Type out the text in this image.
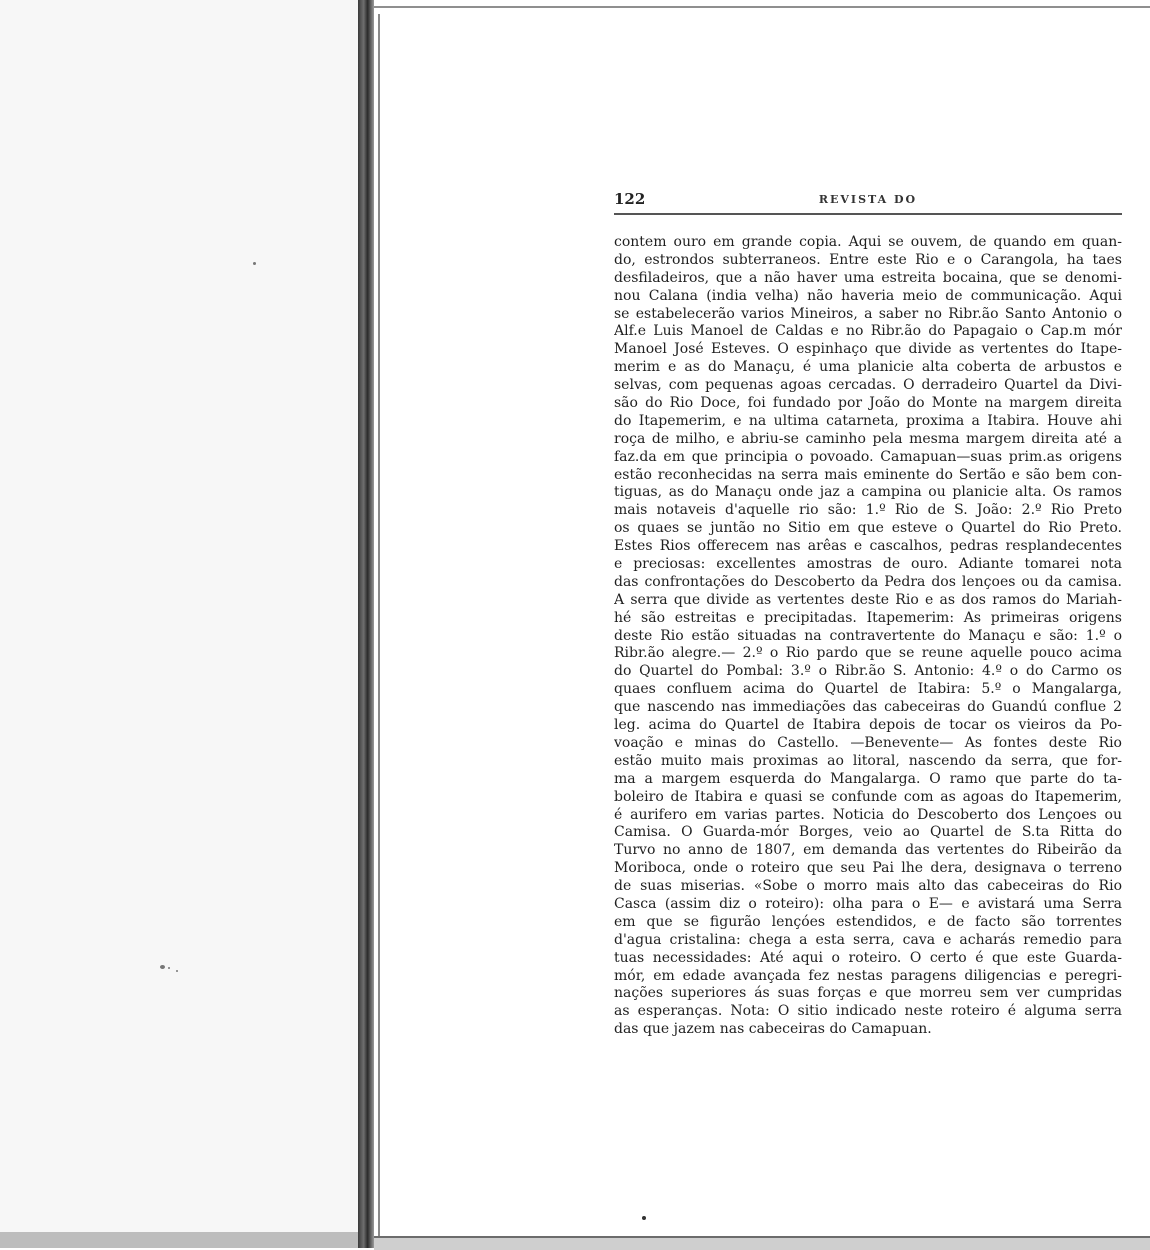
122	REVISTA DO
contem ouro em grande copia. Aqui se ouvem, de quando em quan-
do, estrondos subterraneos. Entre este Rio e o Carangola, ha taes
desfiladeiros, que a não haver uma estreita bocaina, que se denomi-
nou Calana (india velha) não haveria meio de communicação. Aqui
se estabelecerão varios Mineiros, a saber no Ribr.ão Santo Antonio o
Alf.e Luis Manoel de Caldas e no Ribr.ão do Papagaio o Cap.m mór
Manoel José Esteves. O espinhaço que divide as vertentes do Itape-
merim e as do Manaçu, é uma planicie alta coberta de arbustos e
selvas, com pequenas agoas cercadas. O derradeiro Quartel da Divi-
são do Rio Doce, foi fundado por João do Monte na margem direita
do Itapemerim, e na ultima catarneta, proxima a Itabira. Houve ahi
roça de milho, e abriu-se caminho pela mesma margem direita até a
faz.da em que principia o povoado. Camapuan—suas prim.as origens
estão reconhecidas na serra mais eminente do Sertão e são bem con-
tiguas, as do Manaçu onde jaz a campina ou planicie alta. Os ramos
mais notaveis d'aquelle rio são: 1.º Rio de S. João: 2.º Rio Preto
os quaes se juntão no Sitio em que esteve o Quartel do Rio Preto.
Estes Rios offerecem nas arêas e cascalhos, pedras resplandecentes
e preciosas: excellentes amostras de ouro. Adiante tomarei nota
das confrontações do Descoberto da Pedra dos lençoes ou da camisa.
A serra que divide as vertentes deste Rio e as dos ramos do Mariah-
hé são estreitas e precipitadas. Itapemerim: As primeiras origens
deste Rio estão situadas na contravertente do Manaçu e são: 1.º o
Ribr.ão alegre.— 2.º o Rio pardo que se reune aquelle pouco acima
do Quartel do Pombal: 3.º o Ribr.ão S. Antonio: 4.º o do Carmo os
quaes confluem acima do Quartel de Itabira: 5.º o Mangalarga,
que nascendo nas immediações das cabeceiras do Guandú conflue 2
leg. acima do Quartel de Itabira depois de tocar os vieiros da Po-
voação e minas do Castello. —Benevente— As fontes deste Rio
estão muito mais proximas ao litoral, nascendo da serra, que for-
ma a margem esquerda do Mangalarga. O ramo que parte do ta-
boleiro de Itabira e quasi se confunde com as agoas do Itapemerim,
é aurifero em varias partes. Noticia do Descoberto dos Lençoes ou
Camisa. O Guarda-mór Borges, veio ao Quartel de S.ta Ritta do
Turvo no anno de 1807, em demanda das vertentes do Ribeirão da
Moriboca, onde o roteiro que seu Pai lhe dera, designava o terreno
de suas miserias. «Sobe o morro mais alto das cabeceiras do Rio
Casca (assim diz o roteiro): olha para o E— e avistará uma Serra
em que se figurão lençóes estendidos, e de facto são torrentes
d'agua cristalina: chega a esta serra, cava e acharás remedio para
tuas necessidades: Até aqui o roteiro. O certo é que este Guarda-
mór, em edade avançada fez nestas paragens diligencias e peregri-
nações superiores ás suas forças e que morreu sem ver cumpridas
as esperanças. Nota: O sitio indicado neste roteiro é alguma serra
das que jazem nas cabeceiras do Camapuan.
